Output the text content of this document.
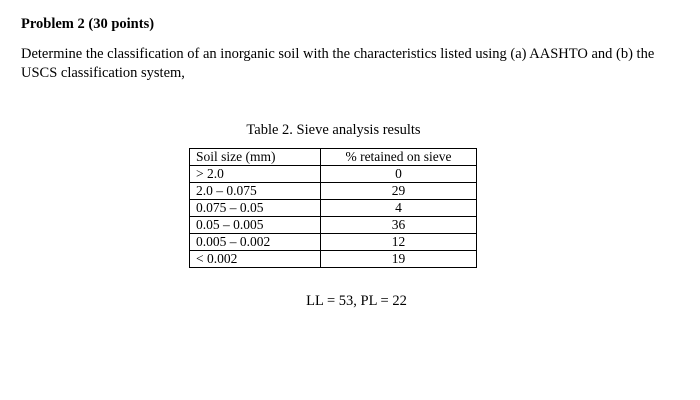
Problem 2 (30 points)
Determine the classification of an inorganic soil with the characteristics listed using (a) AASHTO and (b) the USCS classification system,
Table 2. Sieve analysis results
Soil size (mm)	% retained on sieve
> 2.0	0
2.0 – 0.075	29
0.075 – 0.05	4
0.05 – 0.005	36
0.005 – 0.002	12
< 0.002	19
LL = 53, PL = 22
